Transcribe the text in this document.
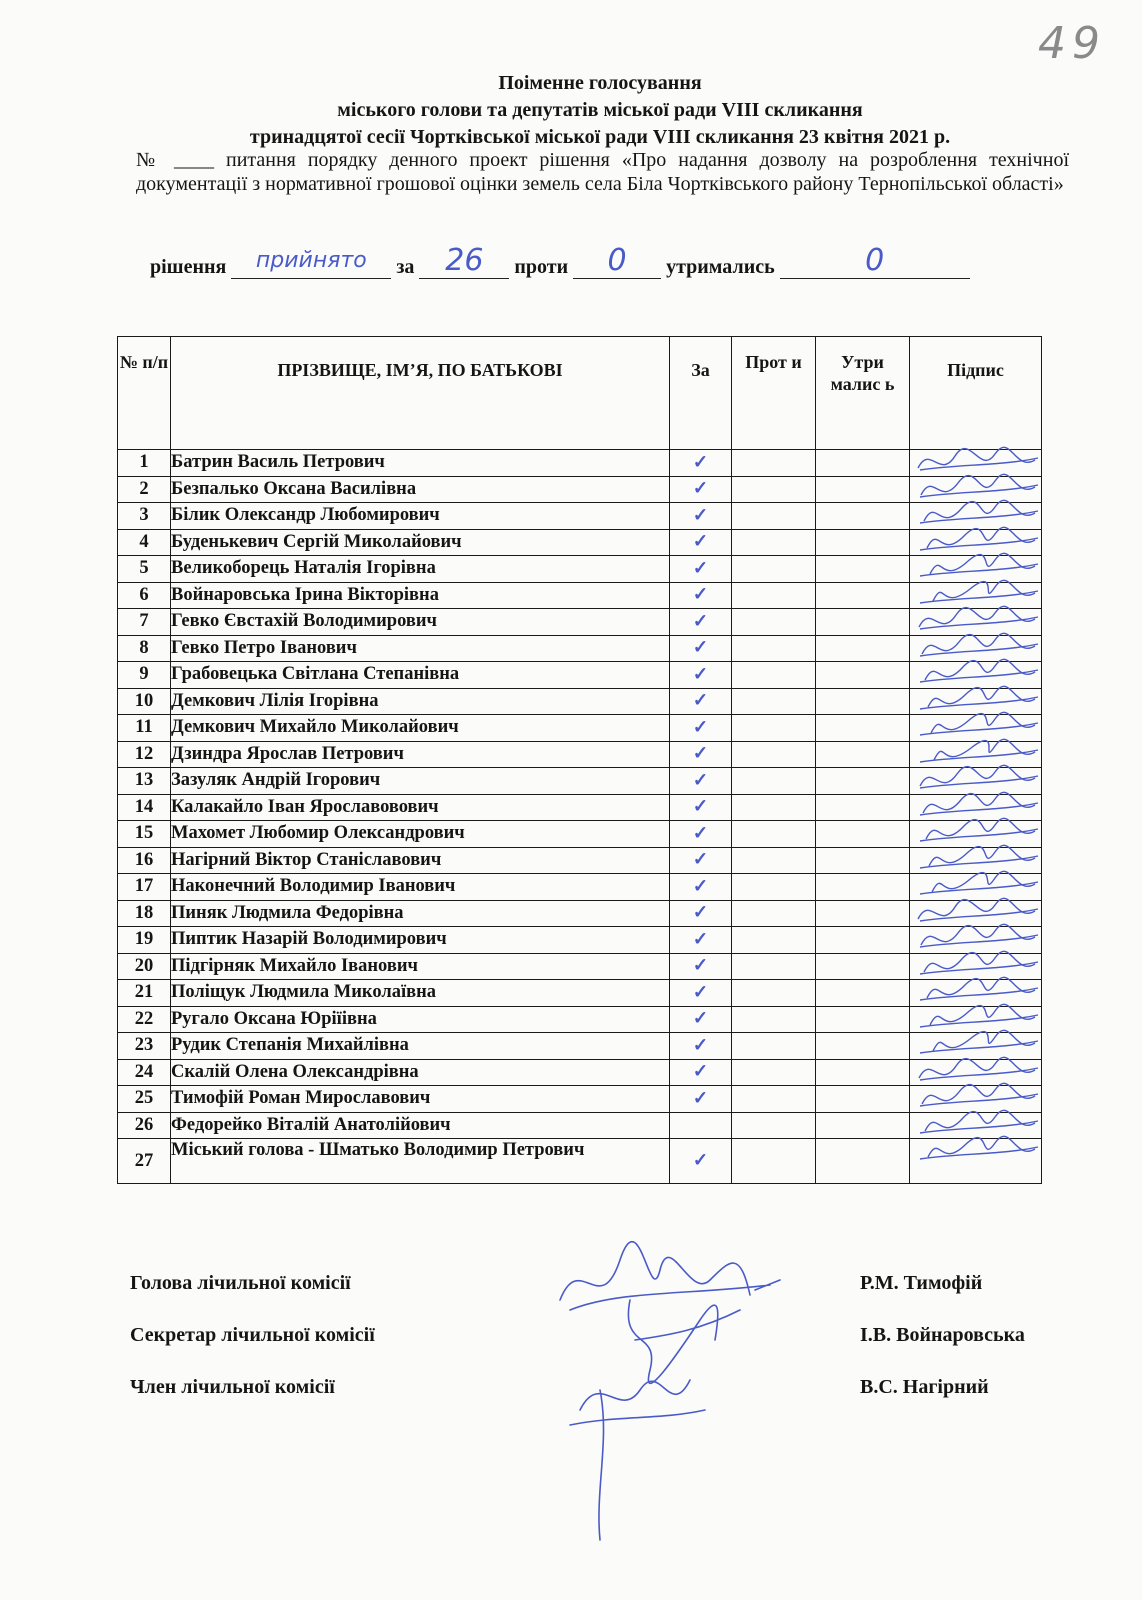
49
Поіменне голосування
міського голови та депутатів міської ради VIII скликання
тринадцятої сесії Чортківської міської ради VIII скликання 23 квітня 2021 р.
№ ____ питання порядку денного проект рішення «Про надання дозволу на розроблення технічної документації з нормативної грошової оцінки земель села Біла Чортківського району Тернопільської області»
рішення	прийнято	за	26	проти	0	утримались	0
№ п/п	ПРІЗВИЩЕ, ІМ’Я, ПО БАТЬКОВІ	За	Прот и	Утри малис ь	Підпис
1	Батрин Василь Петрович	✓			

2	Безпалько Оксана Василівна	✓			

3	Білик Олександр Любомирович	✓			

4	Буденькевич Сергій Миколайович	✓			

5	Великоборець Наталія Ігорівна	✓			

6	Войнаровська Ірина Вікторівна	✓			

7	Гевко Євстахій Володимирович	✓			

8	Гевко Петро Іванович	✓			

9	Грабовецька Світлана Степанівна	✓			

10	Демкович Лілія Ігорівна	✓			

11	Демкович Михайло Миколайович	✓			

12	Дзиндра Ярослав Петрович	✓			

13	Зазуляк Андрій Ігорович	✓			

14	Калакайло Іван Ярославовович	✓			

15	Махомет Любомир Олександрович	✓			

16	Нагірний Віктор Станіславович	✓			

17	Наконечний Володимир Іванович	✓			

18	Пиняк Людмила Федорівна	✓			

19	Пиптик Назарій Володимирович	✓			

20	Підгірняк Михайло Іванович	✓			

21	Поліщук Людмила Миколаївна	✓			

22	Ругало Оксана Юріїівна	✓			

23	Рудик Степанія Михайлівна	✓			

24	Скалій Олена Олександрівна	✓			

25	Тимофій Роман Мирославович	✓			

26	Федорейко Віталій Анатолійович				

27	Міський голова - Шматько Володимир Петрович	✓			
Голова лічильної комісії	Р.М. Тимофій
Секретар лічильної комісії	І.В. Войнаровська
Член лічильної комісії	В.С. Нагірний
